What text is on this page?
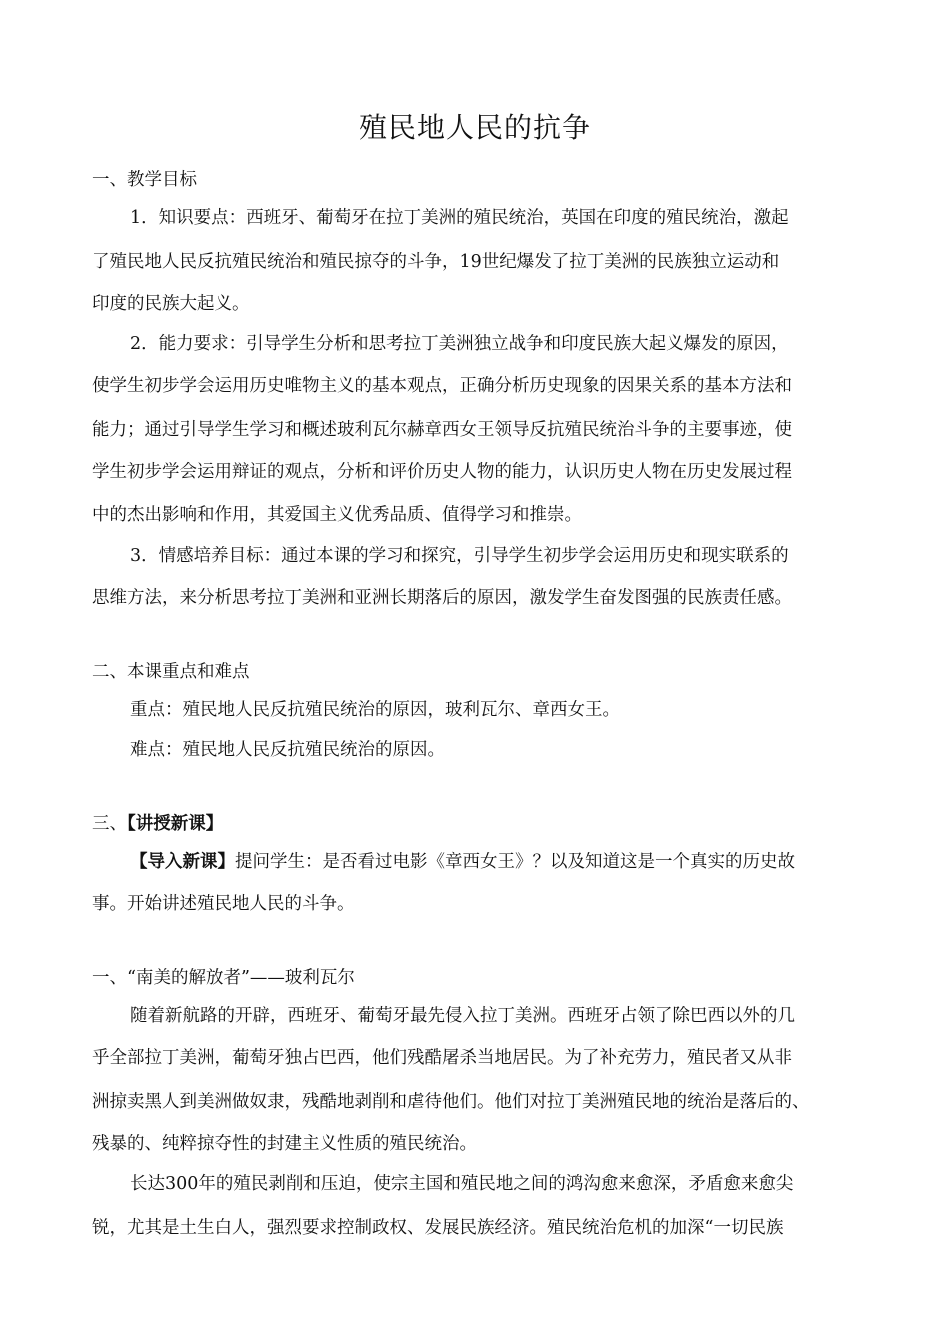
殖民地人民的抗争
一、教学目标
1．知识要点：西班牙、葡萄牙在拉丁美洲的殖民统治，英国在印度的殖民统治，激起
了殖民地人民反抗殖民统治和殖民掠夺的斗争，19世纪爆发了拉丁美洲的民族独立运动和
印度的民族大起义。
2．能力要求：引导学生分析和思考拉丁美洲独立战争和印度民族大起义爆发的原因，
使学生初步学会运用历史唯物主义的基本观点，正确分析历史现象的因果关系的基本方法和
能力；通过引导学生学习和概述玻利瓦尔赫章西女王领导反抗殖民统治斗争的主要事迹，使
学生初步学会运用辩证的观点，分析和评价历史人物的能力，认识历史人物在历史发展过程
中的杰出影响和作用，其爱国主义优秀品质、值得学习和推崇。
3．情感培养目标：通过本课的学习和探究，引导学生初步学会运用历史和现实联系的
思维方法，来分析思考拉丁美洲和亚洲长期落后的原因，激发学生奋发图强的民族责任感。
二、本课重点和难点
重点：殖民地人民反抗殖民统治的原因，玻利瓦尔、章西女王。
难点：殖民地人民反抗殖民统治的原因。
三、【讲授新课】
【导入新课】提问学生：是否看过电影《章西女王》？以及知道这是一个真实的历史故
事。开始讲述殖民地人民的斗争。
一、“南美的解放者”——玻利瓦尔
随着新航路的开辟，西班牙、葡萄牙最先侵入拉丁美洲。西班牙占领了除巴西以外的几
乎全部拉丁美洲，葡萄牙独占巴西，他们残酷屠杀当地居民。为了补充劳力，殖民者又从非
洲掠卖黑人到美洲做奴隶，残酷地剥削和虐待他们。他们对拉丁美洲殖民地的统治是落后的、
残暴的、纯粹掠夺性的封建主义性质的殖民统治。
长达300年的殖民剥削和压迫，使宗主国和殖民地之间的鸿沟愈来愈深，矛盾愈来愈尖
锐，尤其是土生白人，强烈要求控制政权、发展民族经济。殖民统治危机的加深“一切民族
